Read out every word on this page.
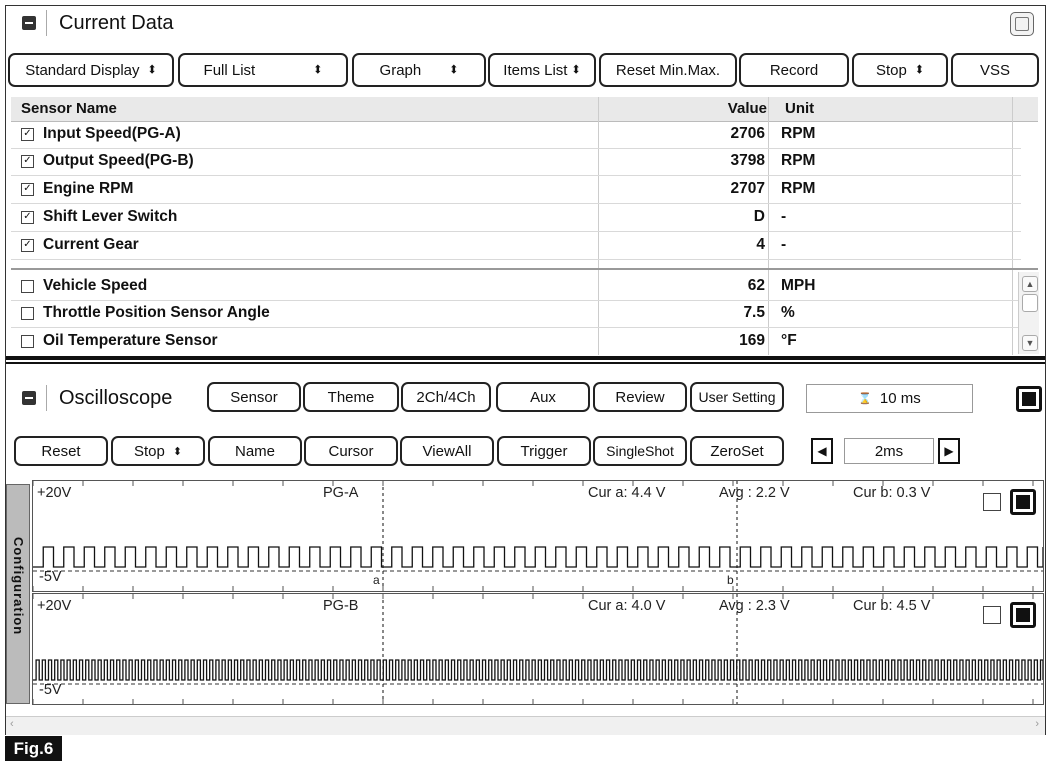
Current Data
Standard Display ⬍	Full List	⬍	Graph	⬍	Items List ⬍ Reset Min.Max.	Record	Stop ⬍	VSS
Sensor Name	Value Unit
✓ Input Speed(PG-A)	2706 RPM
✓ Output Speed(PG-B)	3798 RPM
✓ Engine RPM	2707 RPM
✓ Shift Lever Switch	D -
✓ Current Gear	4 -
Vehicle Speed	62 MPH
Throttle Position Sensor Angle	7.5 %
Oil Temperature Sensor	169 °F
▲
▼
Oscilloscope	Sensor	Theme	2Ch/4Ch	Aux	Review User Setting	⌛ 10 ms
Reset	Stop ⬍	Name	Cursor	ViewAll	Trigger	SingleShot ZeroSet	◀	2ms	▶
Configuration
+20V
-5V
PG-A	Cur a: 4.4 V	Avg : 2.2 V	Cur b: 0.3 V
a	b
+20V
-5V
PG-B	Cur a: 4.0 V	Avg : 2.3 V	Cur b: 4.5 V
‹	›
Fig.6
